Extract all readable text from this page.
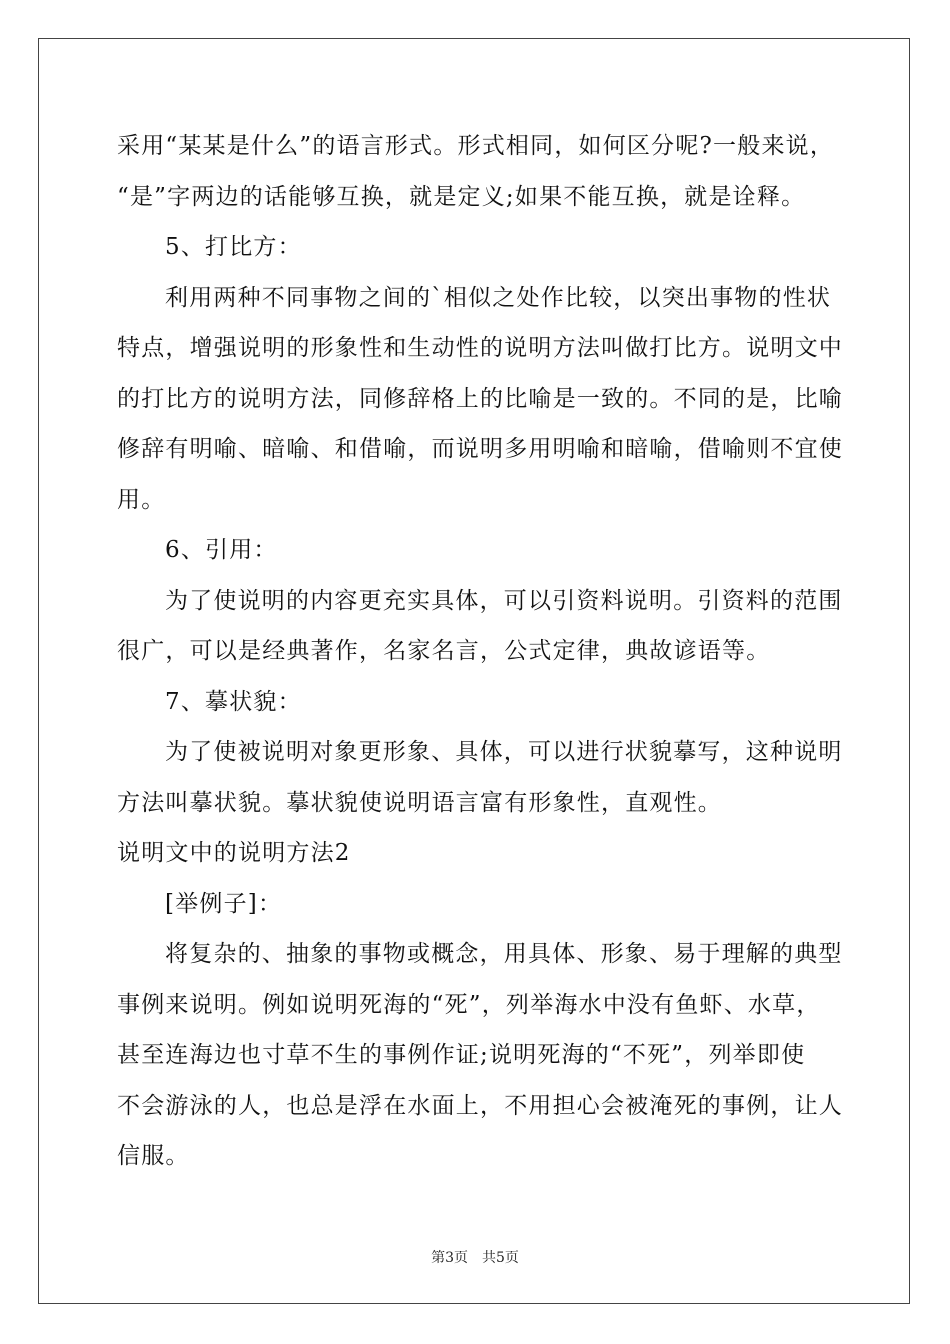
采用“某某是什么”的语言形式。形式相同，如何区分呢?一般来说，
“是”字两边的话能够互换，就是定义;如果不能互换，就是诠释。
5、打比方：
利用两种不同事物之间的`相似之处作比较，以突出事物的性状
特点，增强说明的形象性和生动性的说明方法叫做打比方。说明文中
的打比方的说明方法，同修辞格上的比喻是一致的。不同的是，比喻
修辞有明喻、暗喻、和借喻，而说明多用明喻和暗喻，借喻则不宜使
用。
6、引用：
为了使说明的内容更充实具体，可以引资料说明。引资料的范围
很广，可以是经典著作，名家名言，公式定律，典故谚语等。
7、摹状貌：
为了使被说明对象更形象、具体，可以进行状貌摹写，这种说明
方法叫摹状貌。摹状貌使说明语言富有形象性，直观性。
说明文中的说明方法2
[举例子]：
将复杂的、抽象的事物或概念，用具体、形象、易于理解的典型
事例来说明。例如说明死海的“死”，列举海水中没有鱼虾、水草，
甚至连海边也寸草不生的事例作证;说明死海的“不死”，列举即使
不会游泳的人，也总是浮在水面上，不用担心会被淹死的事例，让人
信服。
第3页 共5页
